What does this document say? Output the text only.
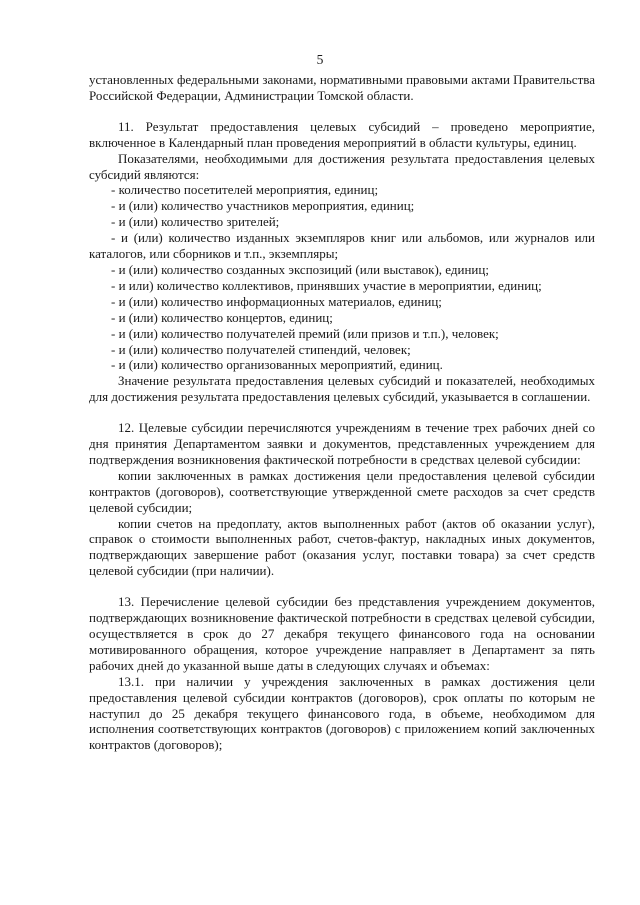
5

установленных федеральными законами, нормативными правовыми актами Правительства Российской Федерации, Администрации Томской области.

11. Результат предоставления целевых субсидий – проведено мероприятие, включенное в Календарный план проведения мероприятий в области культуры, единиц.

Показателями, необходимыми для достижения результата предоставления целевых субсидий являются:

- количество посетителей мероприятия, единиц;

- и (или) количество участников мероприятия, единиц;

- и (или) количество зрителей;

- и (или) количество изданных экземпляров книг или альбомов, или журналов или каталогов, или сборников и т.п., экземпляры;

- и (или) количество созданных экспозиций (или выставок), единиц;

- и или) количество коллективов, принявших участие в мероприятии, единиц;

- и (или) количество информационных материалов, единиц;

- и (или) количество концертов, единиц;

- и (или) количество получателей премий (или призов и т.п.), человек;

- и (или) количество получателей стипендий, человек;

- и (или) количество организованных мероприятий, единиц.

Значение результата предоставления целевых субсидий и показателей, необходимых для достижения результата предоставления целевых субсидий, указывается в соглашении.

12. Целевые субсидии перечисляются учреждениям в течение трех рабочих дней со дня принятия Департаментом заявки и документов, представленных учреждением для подтверждения возникновения фактической потребности в средствах целевой субсидии:

копии заключенных в рамках достижения цели предоставления целевой субсидии контрактов (договоров), соответствующие утвержденной смете расходов за счет средств целевой субсидии;

копии счетов на предоплату, актов выполненных работ (актов об оказании услуг), справок о стоимости выполненных работ, счетов-фактур, накладных иных документов, подтверждающих завершение работ (оказания услуг, поставки товара) за счет средств целевой субсидии (при наличии).

13. Перечисление целевой субсидии без представления учреждением документов, подтверждающих возникновение фактической потребности в средствах целевой субсидии, осуществляется в срок до 27 декабря текущего финансового года на основании мотивированного обращения, которое учреждение направляет в Департамент за пять рабочих дней до указанной выше даты в следующих случаях и объемах:

13.1. при наличии у учреждения заключенных в рамках достижения цели предоставления целевой субсидии контрактов (договоров), срок оплаты по которым не наступил до 25 декабря текущего финансового года, в объеме, необходимом для исполнения соответствующих контрактов (договоров) с приложением копий заключенных контрактов (договоров);
